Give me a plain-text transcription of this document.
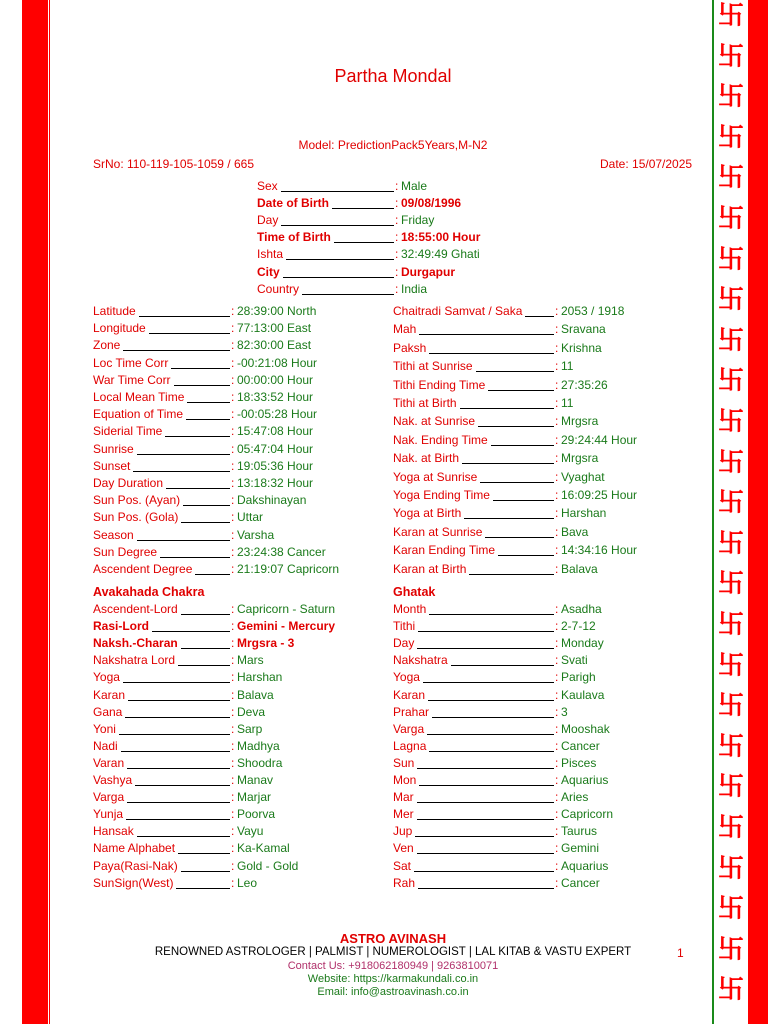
卐
卐
卐
卐
卐
卐
卐
卐
卐
卐
卐
卐
卐
卐
卐
卐
卐
卐
卐
卐
卐
卐
卐
卐
卐
Partha Mondal
Model: PredictionPack5Years,M-N2
SrNo: 110-119-105-1059 / 665	Date: 15/07/2025
Sex	: Male
Date of Birth	: 09/08/1996
Day	: Friday
Time of Birth	: 18:55:00 Hour
Ishta	: 32:49:49 Ghati
City	: Durgapur
Country	: India
Latitude	: 28:39:00 North
Longitude	: 77:13:00 East
Zone	: 82:30:00 East
Loc Time Corr	: -00:21:08 Hour
War Time Corr	: 00:00:00 Hour
Local Mean Time	: 18:33:52 Hour
Equation of Time	: -00:05:28 Hour
Siderial Time	: 15:47:08 Hour
Sunrise	: 05:47:04 Hour
Sunset	: 19:05:36 Hour
Day Duration	: 13:18:32 Hour
Sun Pos. (Ayan)	: Dakshinayan
Sun Pos. (Gola)	: Uttar
Season	: Varsha
Sun Degree	: 23:24:38 Cancer
Ascendent Degree	: 21:19:07 Capricorn
Chaitradi Samvat / Saka	: 2053 / 1918
Mah	: Sravana
Paksh	: Krishna
Tithi at Sunrise	: 11
Tithi Ending Time	: 27:35:26
Tithi at Birth	: 11
Nak. at Sunrise	: Mrgsra
Nak. Ending Time	: 29:24:44 Hour
Nak. at Birth	: Mrgsra
Yoga at Sunrise	: Vyaghat
Yoga Ending Time	: 16:09:25 Hour
Yoga at Birth	: Harshan
Karan at Sunrise	: Bava
Karan Ending Time	: 14:34:16 Hour
Karan at Birth	: Balava
Avakahada Chakra	Ghatak
Ascendent-Lord	: Capricorn - Saturn
Rasi-Lord	: Gemini - Mercury
Naksh.-Charan	: Mrgsra - 3
Nakshatra Lord	: Mars
Yoga	: Harshan
Karan	: Balava
Gana	: Deva
Yoni	: Sarp
Nadi	: Madhya
Varan	: Shoodra
Vashya	: Manav
Varga	: Marjar
Yunja	: Poorva
Hansak	: Vayu
Name Alphabet	: Ka-Kamal
Paya(Rasi-Nak)	: Gold - Gold
SunSign(West)	: Leo
Month	: Asadha
Tithi	: 2-7-12
Day	: Monday
Nakshatra	: Svati
Yoga	: Parigh
Karan	: Kaulava
Prahar	: 3
Varga	: Mooshak
Lagna	: Cancer
Sun	: Pisces
Mon	: Aquarius
Mar	: Aries
Mer	: Capricorn
Jup	: Taurus
Ven	: Gemini
Sat	: Aquarius
Rah	: Cancer
ASTRO AVINASH
RENOWNED ASTROLOGER | PALMIST | NUMEROLOGIST | LAL KITAB & VASTU EXPERT
Contact Us: +918062180949 | 9263810071
Website: https://karmakundali.co.in
Email: info@astroavinash.co.in
1
